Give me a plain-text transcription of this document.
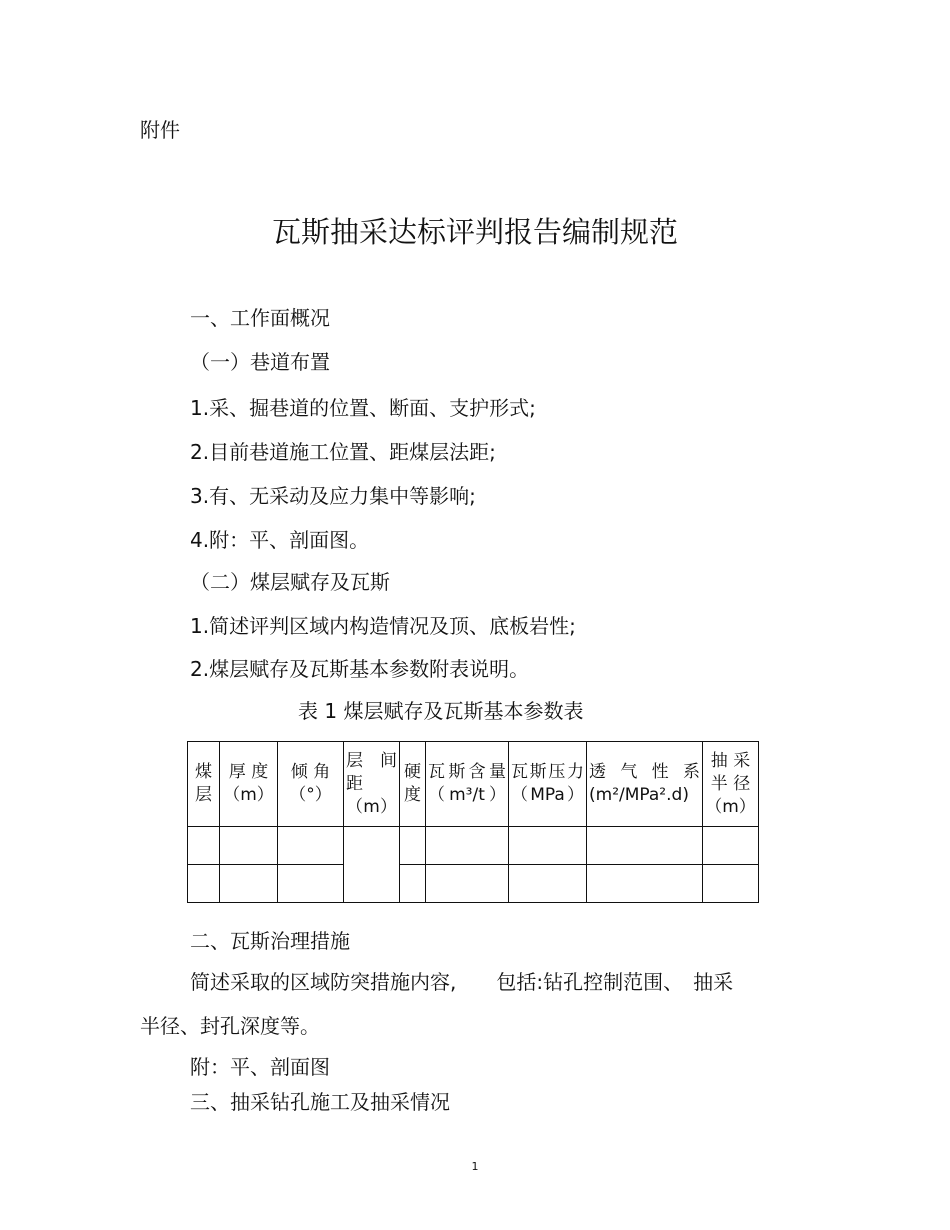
附件
瓦斯抽采达标评判报告编制规范
一、工作面概况
（一）巷道布置
1.采、掘巷道的位置、断面、支护形式;
2.目前巷道施工位置、距煤层法距;
3.有、无采动及应力集中等影响;
4.附：平、剖面图。
（二）煤层赋存及瓦斯
1.简述评判区域内构造情况及顶、底板岩性;
2.煤层赋存及瓦斯基本参数附表说明。
表 1 煤层赋存及瓦斯基本参数表
煤层	厚 度（m）	倾 角（°）	层 间距（m）	硬度	瓦斯含量（m³/t）	瓦斯压力（MPa）	透气性系(m²/MPa².d)	抽 采 半 径（m）

二、瓦斯治理措施
简述采取的区域防突措施内容,　　包括:钻孔控制范围、　抽采
半径、封孔深度等。
附：平、剖面图
三、抽采钻孔施工及抽采情况
1
